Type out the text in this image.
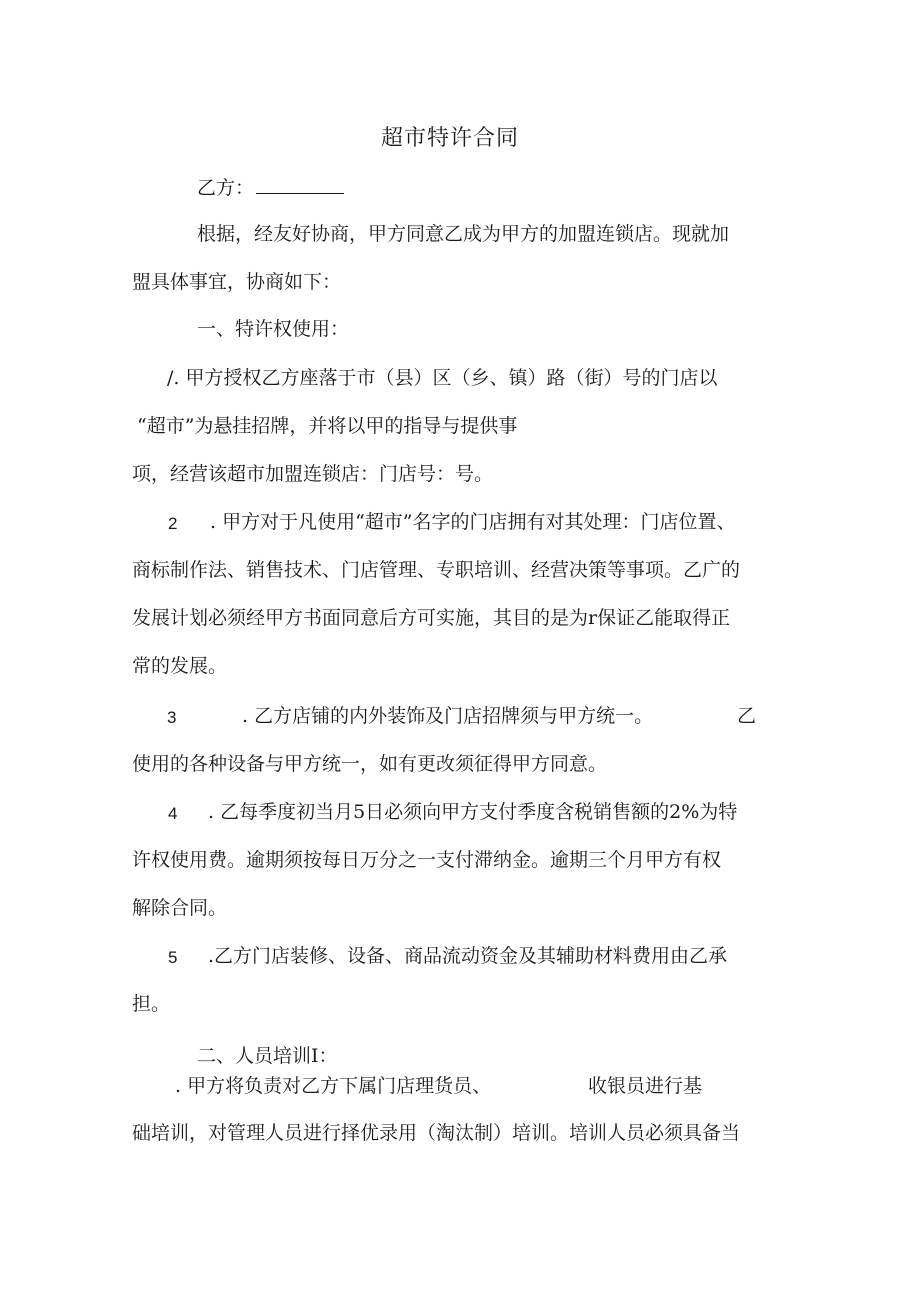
超市特许合同
乙方：
根据，经友好协商，甲方同意乙成为甲方的加盟连锁店。现就加
盟具体事宜，协商如下：
一、特许权使用：
/. 甲方授权乙方座落于市（县）区（乡、镇）路（街）号的门店以
“超市”为悬挂招牌，并将以甲的指导与提供事
项，经营该超市加盟连锁店：门店号：号。
2 . 甲方对于凡使用“超市”名字的门店拥有对其处理：门店位置、
商标制作法、销售技术、门店管理、专职培训、经营决策等事项。乙广的
发展计划必须经甲方书面同意后方可实施，其目的是为r保证乙能取得正
常的发展。
3	. 乙方店铺的内外装饰及门店招牌须与甲方统一。	乙
使用的各种设备与甲方统一，如有更改须征得甲方同意。
4 . 乙每季度初当月5日必须向甲方支付季度含税销售额的2%为特
许权使用费。逾期须按每日万分之一支付滞纳金。逾期三个月甲方有权
解除合同。
5 .乙方门店装修、设备、商品流动资金及其辅助材料费用由乙承
担。
二、人员培训I：
. 甲方将负责对乙方下属门店理货员、	收银员进行基
础培训，对管理人员进行择优录用（淘汰制）培训。培训人员必须具备当
